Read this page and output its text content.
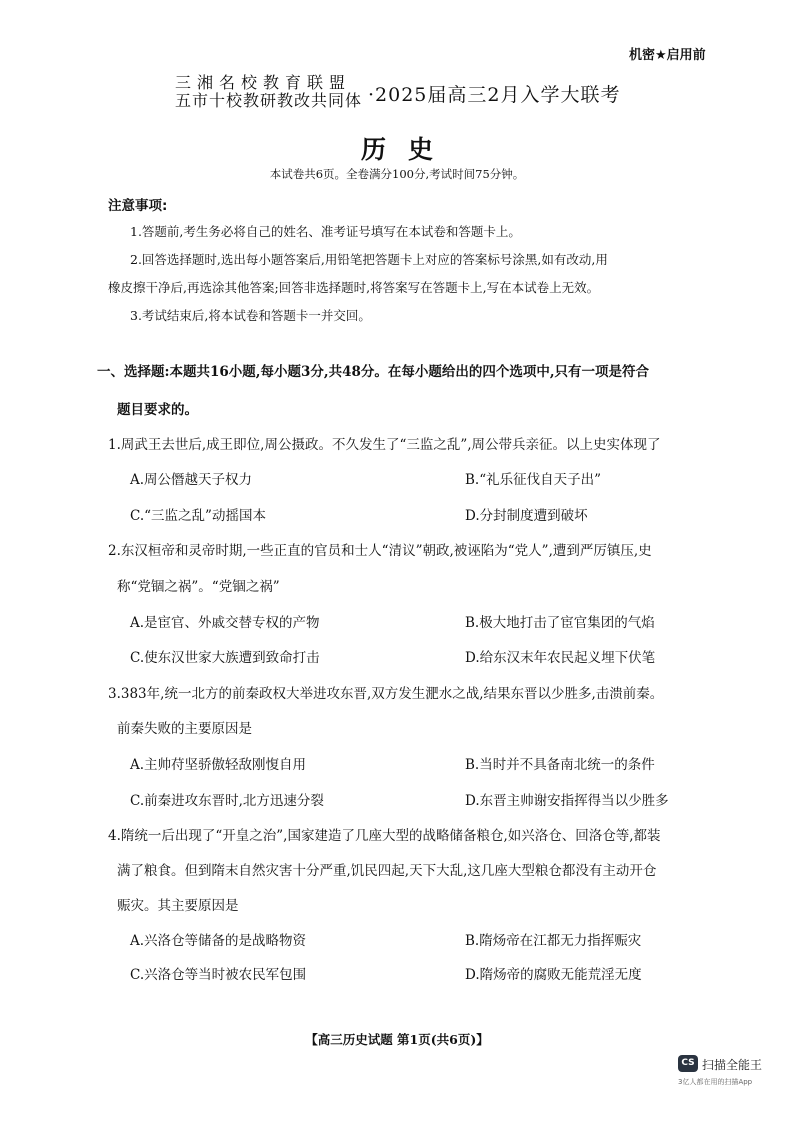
机密★启用前
三湘名校教育联盟
五市十校教研教改共同体 ·2025届高三2月入学大联考
历史
本试卷共6页。全卷满分100分,考试时间75分钟。
注意事项:
1.答题前,考生务必将自己的姓名、准考证号填写在本试卷和答题卡上。
2.回答选择题时,选出每小题答案后,用铅笔把答题卡上对应的答案标号涂黑,如有改动,用
橡皮擦干净后,再选涂其他答案;回答非选择题时,将答案写在答题卡上,写在本试卷上无效。
3.考试结束后,将本试卷和答题卡一并交回。
一、选择题:本题共16小题,每小题3分,共48分。在每小题给出的四个选项中,只有一项是符合
题目要求的。
1.周武王去世后,成王即位,周公摄政。不久发生了“三监之乱”,周公带兵亲征。以上史实体现了
A.周公僭越天子权力	B.“礼乐征伐自天子出”
C.“三监之乱”动摇国本	D.分封制度遭到破坏
2.东汉桓帝和灵帝时期,一些正直的官员和士人“清议”朝政,被诬陷为“党人”,遭到严厉镇压,史
称“党锢之祸”。“党锢之祸”
A.是宦官、外戚交替专权的产物	B.极大地打击了宦官集团的气焰
C.使东汉世家大族遭到致命打击	D.给东汉末年农民起义埋下伏笔
3.383年,统一北方的前秦政权大举进攻东晋,双方发生淝水之战,结果东晋以少胜多,击溃前秦。
前秦失败的主要原因是
A.主帅苻坚骄傲轻敌刚愎自用	B.当时并不具备南北统一的条件
C.前秦进攻东晋时,北方迅速分裂	D.东晋主帅谢安指挥得当以少胜多
4.隋统一后出现了“开皇之治”,国家建造了几座大型的战略储备粮仓,如兴洛仓、回洛仓等,都装
满了粮食。但到隋末自然灾害十分严重,饥民四起,天下大乱,这几座大型粮仓都没有主动开仓
赈灾。其主要原因是
A.兴洛仓等储备的是战略物资	B.隋炀帝在江都无力指挥赈灾
C.兴洛仓等当时被农民军包围	D.隋炀帝的腐败无能荒淫无度
【高三历史试题 第1页(共6页)】
CS 扫描全能王
3亿人都在用的扫描App
